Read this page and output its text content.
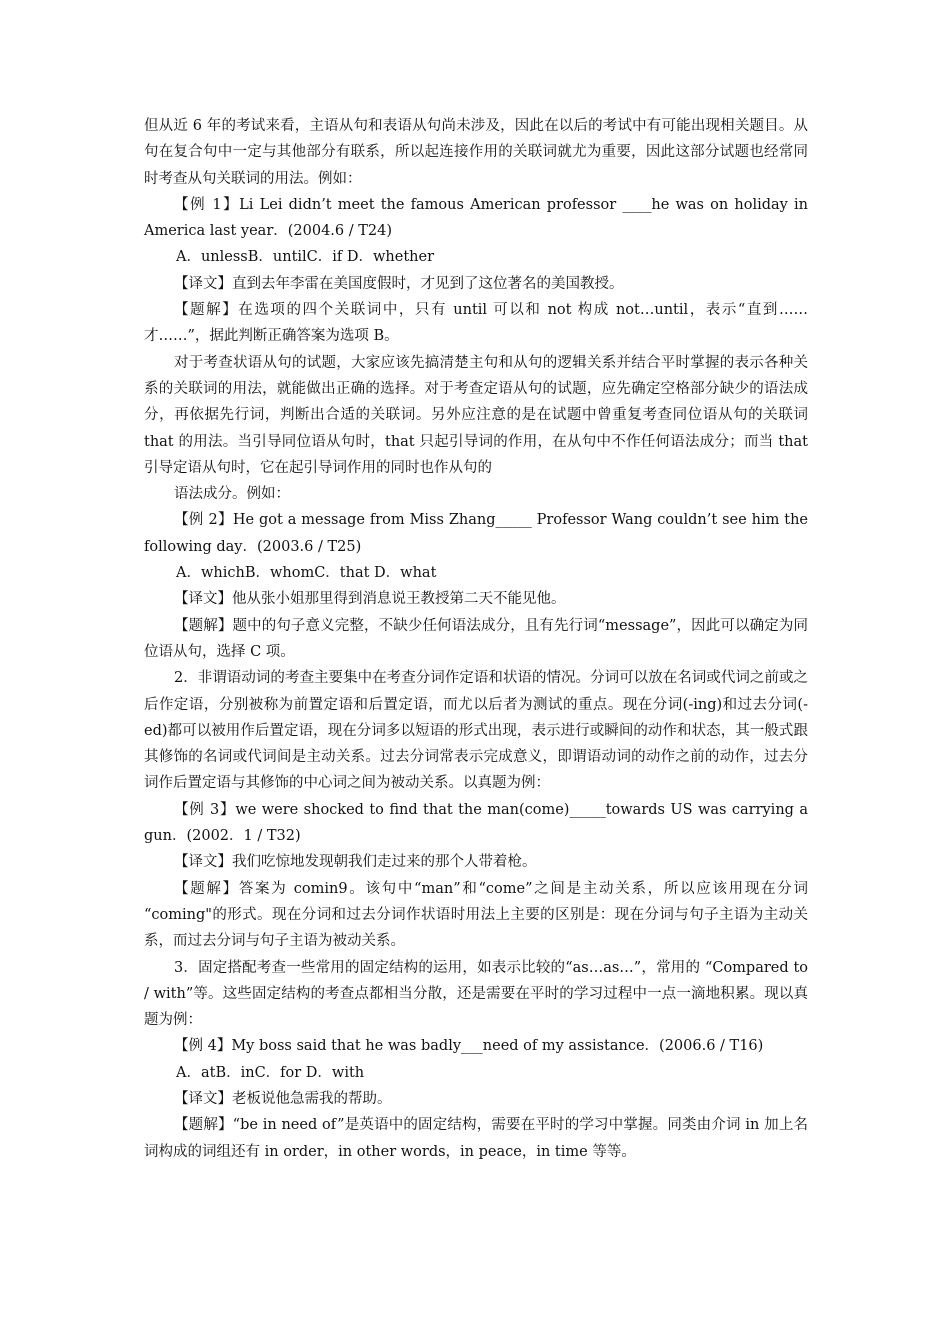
但从近 6 年的考试来看，主语从句和表语从句尚未涉及，因此在以后的考试中有可能出现相关题目。从句在复合句中一定与其他部分有联系，所以起连接作用的关联词就尤为重要，因此这部分试题也经常同时考查从句关联词的用法。例如：

【例 1】Li Lei didn’t meet the famous American professor ____he was on holiday in America last year．(2004.6 / T24)

A．unlessB．untilC．if D．whether

【译文】直到去年李雷在美国度假时，才见到了这位著名的美国教授。

【题解】在选项的四个关联词中，只有 until 可以和 not 构成 not…until，表示“直到……才……”，据此判断正确答案为选项 B。

对于考查状语从句的试题，大家应该先搞清楚主句和从句的逻辑关系并结合平时掌握的表示各种关系的关联词的用法，就能做出正确的选择。对于考查定语从句的试题，应先确定空格部分缺少的语法成分，再依据先行词，判断出合适的关联词。另外应注意的是在试题中曾重复考查同位语从句的关联词 that 的用法。当引导同位语从句时，that 只起引导词的作用，在从句中不作任何语法成分；而当 that 引导定语从句时，它在起引导词作用的同时也作从句的

语法成分。例如：

【例 2】He got a message from Miss Zhang_____ Professor Wang couldn’t see him the following day．(2003.6 / T25)

A．whichB．whomC．that D．what

【译文】他从张小姐那里得到消息说王教授第二天不能见他。

【题解】题中的句子意义完整，不缺少任何语法成分，且有先行词“message”，因此可以确定为同位语从句，选择 C 项。

2．非谓语动词的考查主要集中在考查分词作定语和状语的情况。分词可以放在名词或代词之前或之后作定语，分别被称为前置定语和后置定语，而尤以后者为测试的重点。现在分词(-ing)和过去分词(-ed)都可以被用作后置定语，现在分词多以短语的形式出现，表示进行或瞬间的动作和状态，其一般式跟其修饰的名词或代词间是主动关系。过去分词常表示完成意义，即谓语动词的动作之前的动作，过去分词作后置定语与其修饰的中心词之间为被动关系。以真题为例：

【例 3】we were shocked to find that the man(come)_____towards US was carrying a gun．(2002．1 / T32)

【译文】我们吃惊地发现朝我们走过来的那个人带着枪。

【题解】答案为 comin9。该句中“man”和“come”之间是主动关系，所以应该用现在分词 “coming"的形式。现在分词和过去分词作状语时用法上主要的区别是：现在分词与句子主语为主动关系，而过去分词与句子主语为被动关系。

3．固定搭配考查一些常用的固定结构的运用，如表示比较的“as…as…”，常用的 “Compared to / with”等。这些固定结构的考查点都相当分散，还是需要在平时的学习过程中一点一滴地积累。现以真题为例：

【例 4】My boss said that he was badly___need of my assistance．(2006.6 / T16)

A．atB．inC．for D．with

【译文】老板说他急需我的帮助。

【题解】“be in need of”是英语中的固定结构，需要在平时的学习中掌握。同类由介词 in 加上名词构成的词组还有 in order，in other words，in peace，in time 等等。
